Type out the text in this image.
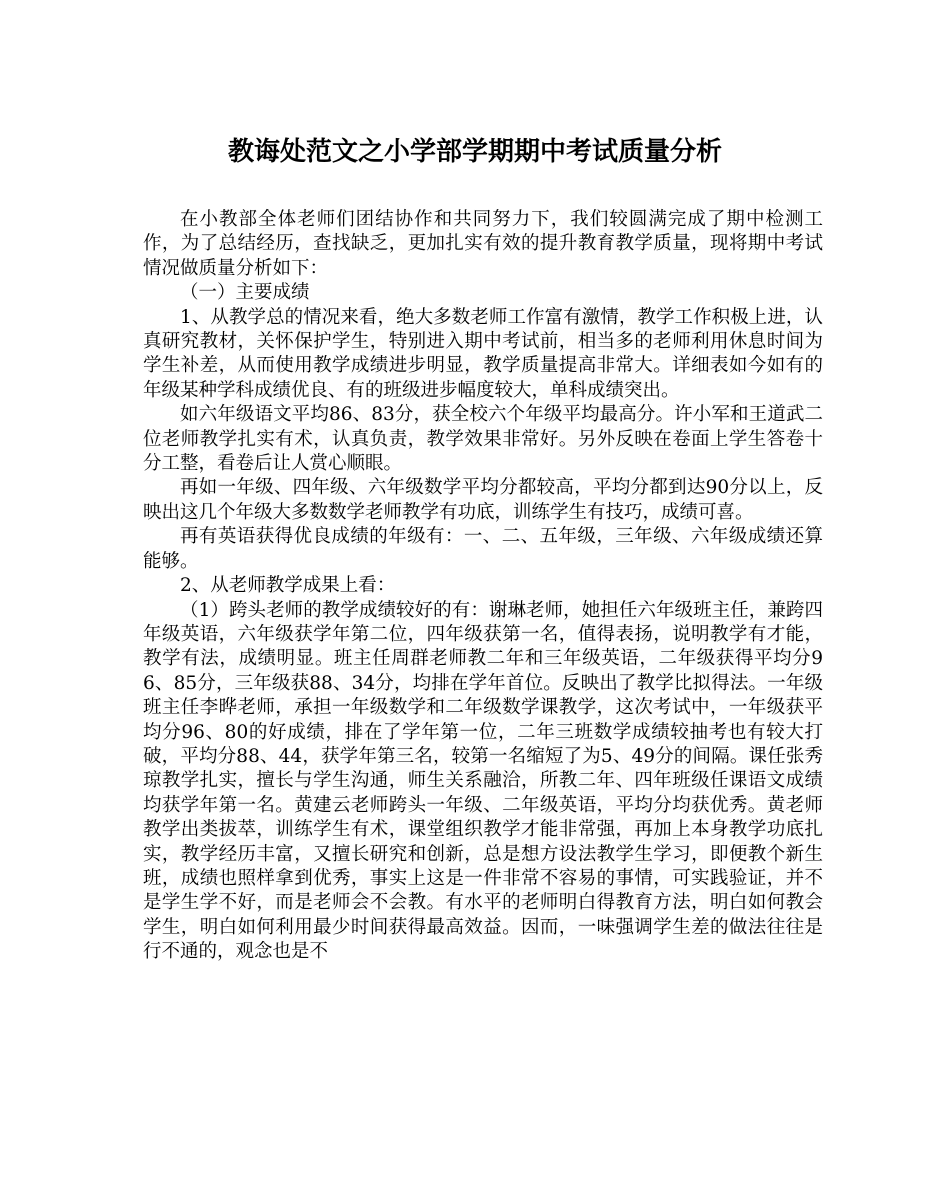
教诲处范文之小学部学期期中考试质量分析

在小教部全体老师们团结协作和共同努力下，我们较圆满完成了期中检测工作，为了总结经历，查找缺乏，更加扎实有效的提升教育教学质量，现将期中考试情况做质量分析如下：

（一）主要成绩

1、从教学总的情况来看，绝大多数老师工作富有激情，教学工作积极上进，认真研究教材，关怀保护学生，特别进入期中考试前，相当多的老师利用休息时间为学生补差，从而使用教学成绩进步明显，教学质量提高非常大。详细表如今如有的年级某种学科成绩优良、有的班级进步幅度较大，单科成绩突出。

如六年级语文平均86、83分，获全校六个年级平均最高分。许小军和王道武二位老师教学扎实有术，认真负责，教学效果非常好。另外反映在卷面上学生答卷十分工整，看卷后让人赏心顺眼。

再如一年级、四年级、六年级数学平均分都较高，平均分都到达90分以上，反映出这几个年级大多数数学老师教学有功底，训练学生有技巧，成绩可喜。

再有英语获得优良成绩的年级有：一、二、五年级，三年级、六年级成绩还算能够。

2、从老师教学成果上看：

（1）跨头老师的教学成绩较好的有：谢琳老师，她担任六年级班主任，兼跨四年级英语，六年级获学年第二位，四年级获第一名，值得表扬，说明教学有才能，教学有法，成绩明显。班主任周群老师教二年和三年级英语，二年级获得平均分96、85分，三年级获88、34分，均排在学年首位。反映出了教学比拟得法。一年级班主任李晔老师，承担一年级数学和二年级数学课教学，这次考试中，一年级获平均分96、80的好成绩，排在了学年第一位，二年三班数学成绩较抽考也有较大打破，平均分88、44，获学年第三名，较第一名缩短了为5、49分的间隔。课任张秀琼教学扎实，擅长与学生沟通，师生关系融洽，所教二年、四年班级任课语文成绩均获学年第一名。黄建云老师跨头一年级、二年级英语，平均分均获优秀。黄老师教学出类拔萃，训练学生有术，课堂组织教学才能非常强，再加上本身教学功底扎实，教学经历丰富，又擅长研究和创新，总是想方设法教学生学习，即便教个新生班，成绩也照样拿到优秀，事实上这是一件非常不容易的事情，可实践验证，并不是学生学不好，而是老师会不会教。有水平的老师明白得教育方法，明白如何教会学生，明白如何利用最少时间获得最高效益。因而，一味强调学生差的做法往往是行不通的，观念也是不
